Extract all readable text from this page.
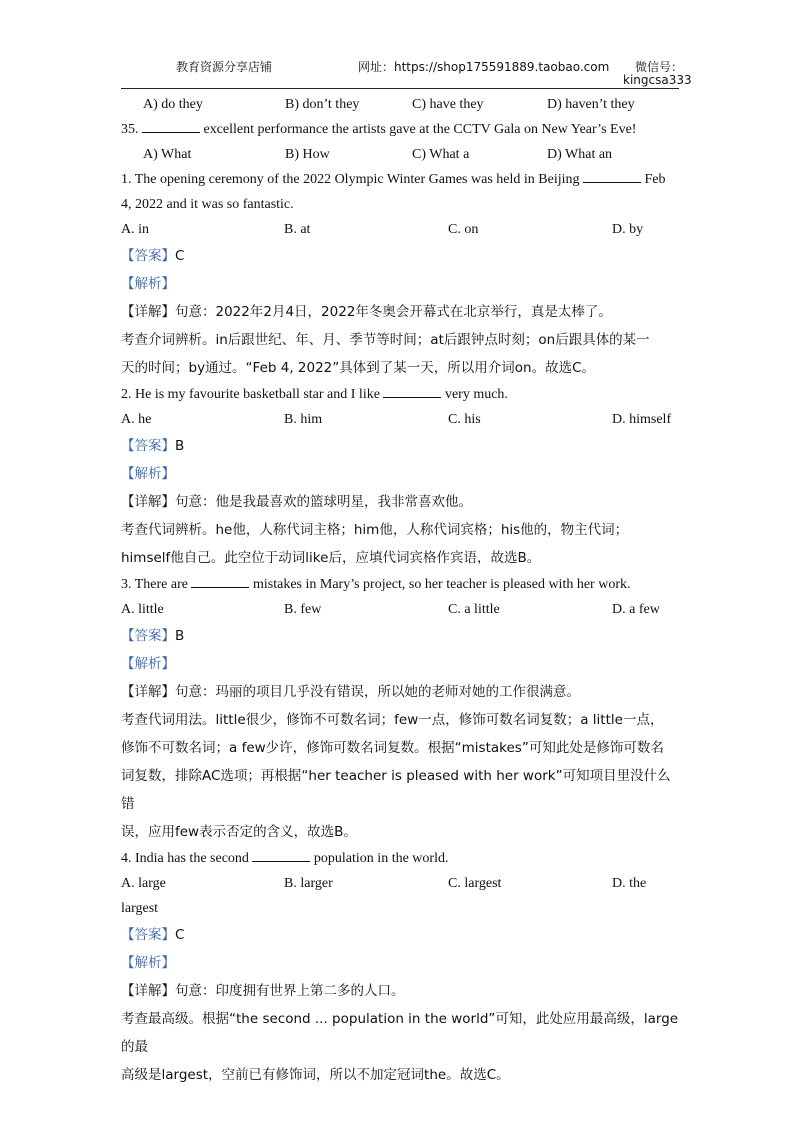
教育资源分享店铺	网址：https://shop175591889.taobao.com 微信号：
kingcsa333
A) do they	B) don’t they	C) have they	D) haven’t they
35.	excellent performance the artists gave at the CCTV Gala on New Year’s Eve!
A) What	B) How	C) What a	D) What an
1. The opening ceremony of the 2022 Olympic Winter Games was held in Beijing	Feb
4, 2022 and it was so fantastic.
A. in	B. at	C. on	D. by
【答案】C
【解析】
【详解】句意：2022年2月4日，2022年冬奥会开幕式在北京举行，真是太棒了。
考查介词辨析。in后跟世纪、年、月、季节等时间；at后跟钟点时刻；on后跟具体的某一
天的时间；by通过。“Feb 4, 2022”具体到了某一天，所以用介词on。故选C。
2. He is my favourite basketball star and I like	very much.
A. he	B. him	C. his	D. himself
【答案】B
【解析】
【详解】句意：他是我最喜欢的篮球明星，我非常喜欢他。
考查代词辨析。he他，人称代词主格；him他，人称代词宾格；his他的，物主代词；
himself他自己。此空位于动词like后，应填代词宾格作宾语，故选B。
3. There are	mistakes in Mary’s project, so her teacher is pleased with her work.
A. little	B. few	C. a little	D. a few
【答案】B
【解析】
【详解】句意：玛丽的项目几乎没有错误，所以她的老师对她的工作很满意。
考查代词用法。little很少，修饰不可数名词；few一点，修饰可数名词复数；a little一点，
修饰不可数名词；a few少许，修饰可数名词复数。根据“mistakes”可知此处是修饰可数名
词复数，排除AC选项；再根据“her teacher is pleased with her work”可知项目里没什么错
误，应用few表示否定的含义，故选B。
4. India has the second	population in the world.
A. large	B. larger	C. largest	D. the
largest
【答案】C
【解析】
【详解】句意：印度拥有世界上第二多的人口。
考查最高级。根据“the second ... population in the world”可知，此处应用最高级，large的最
高级是largest，空前已有修饰词，所以不加定冠词the。故选C。
